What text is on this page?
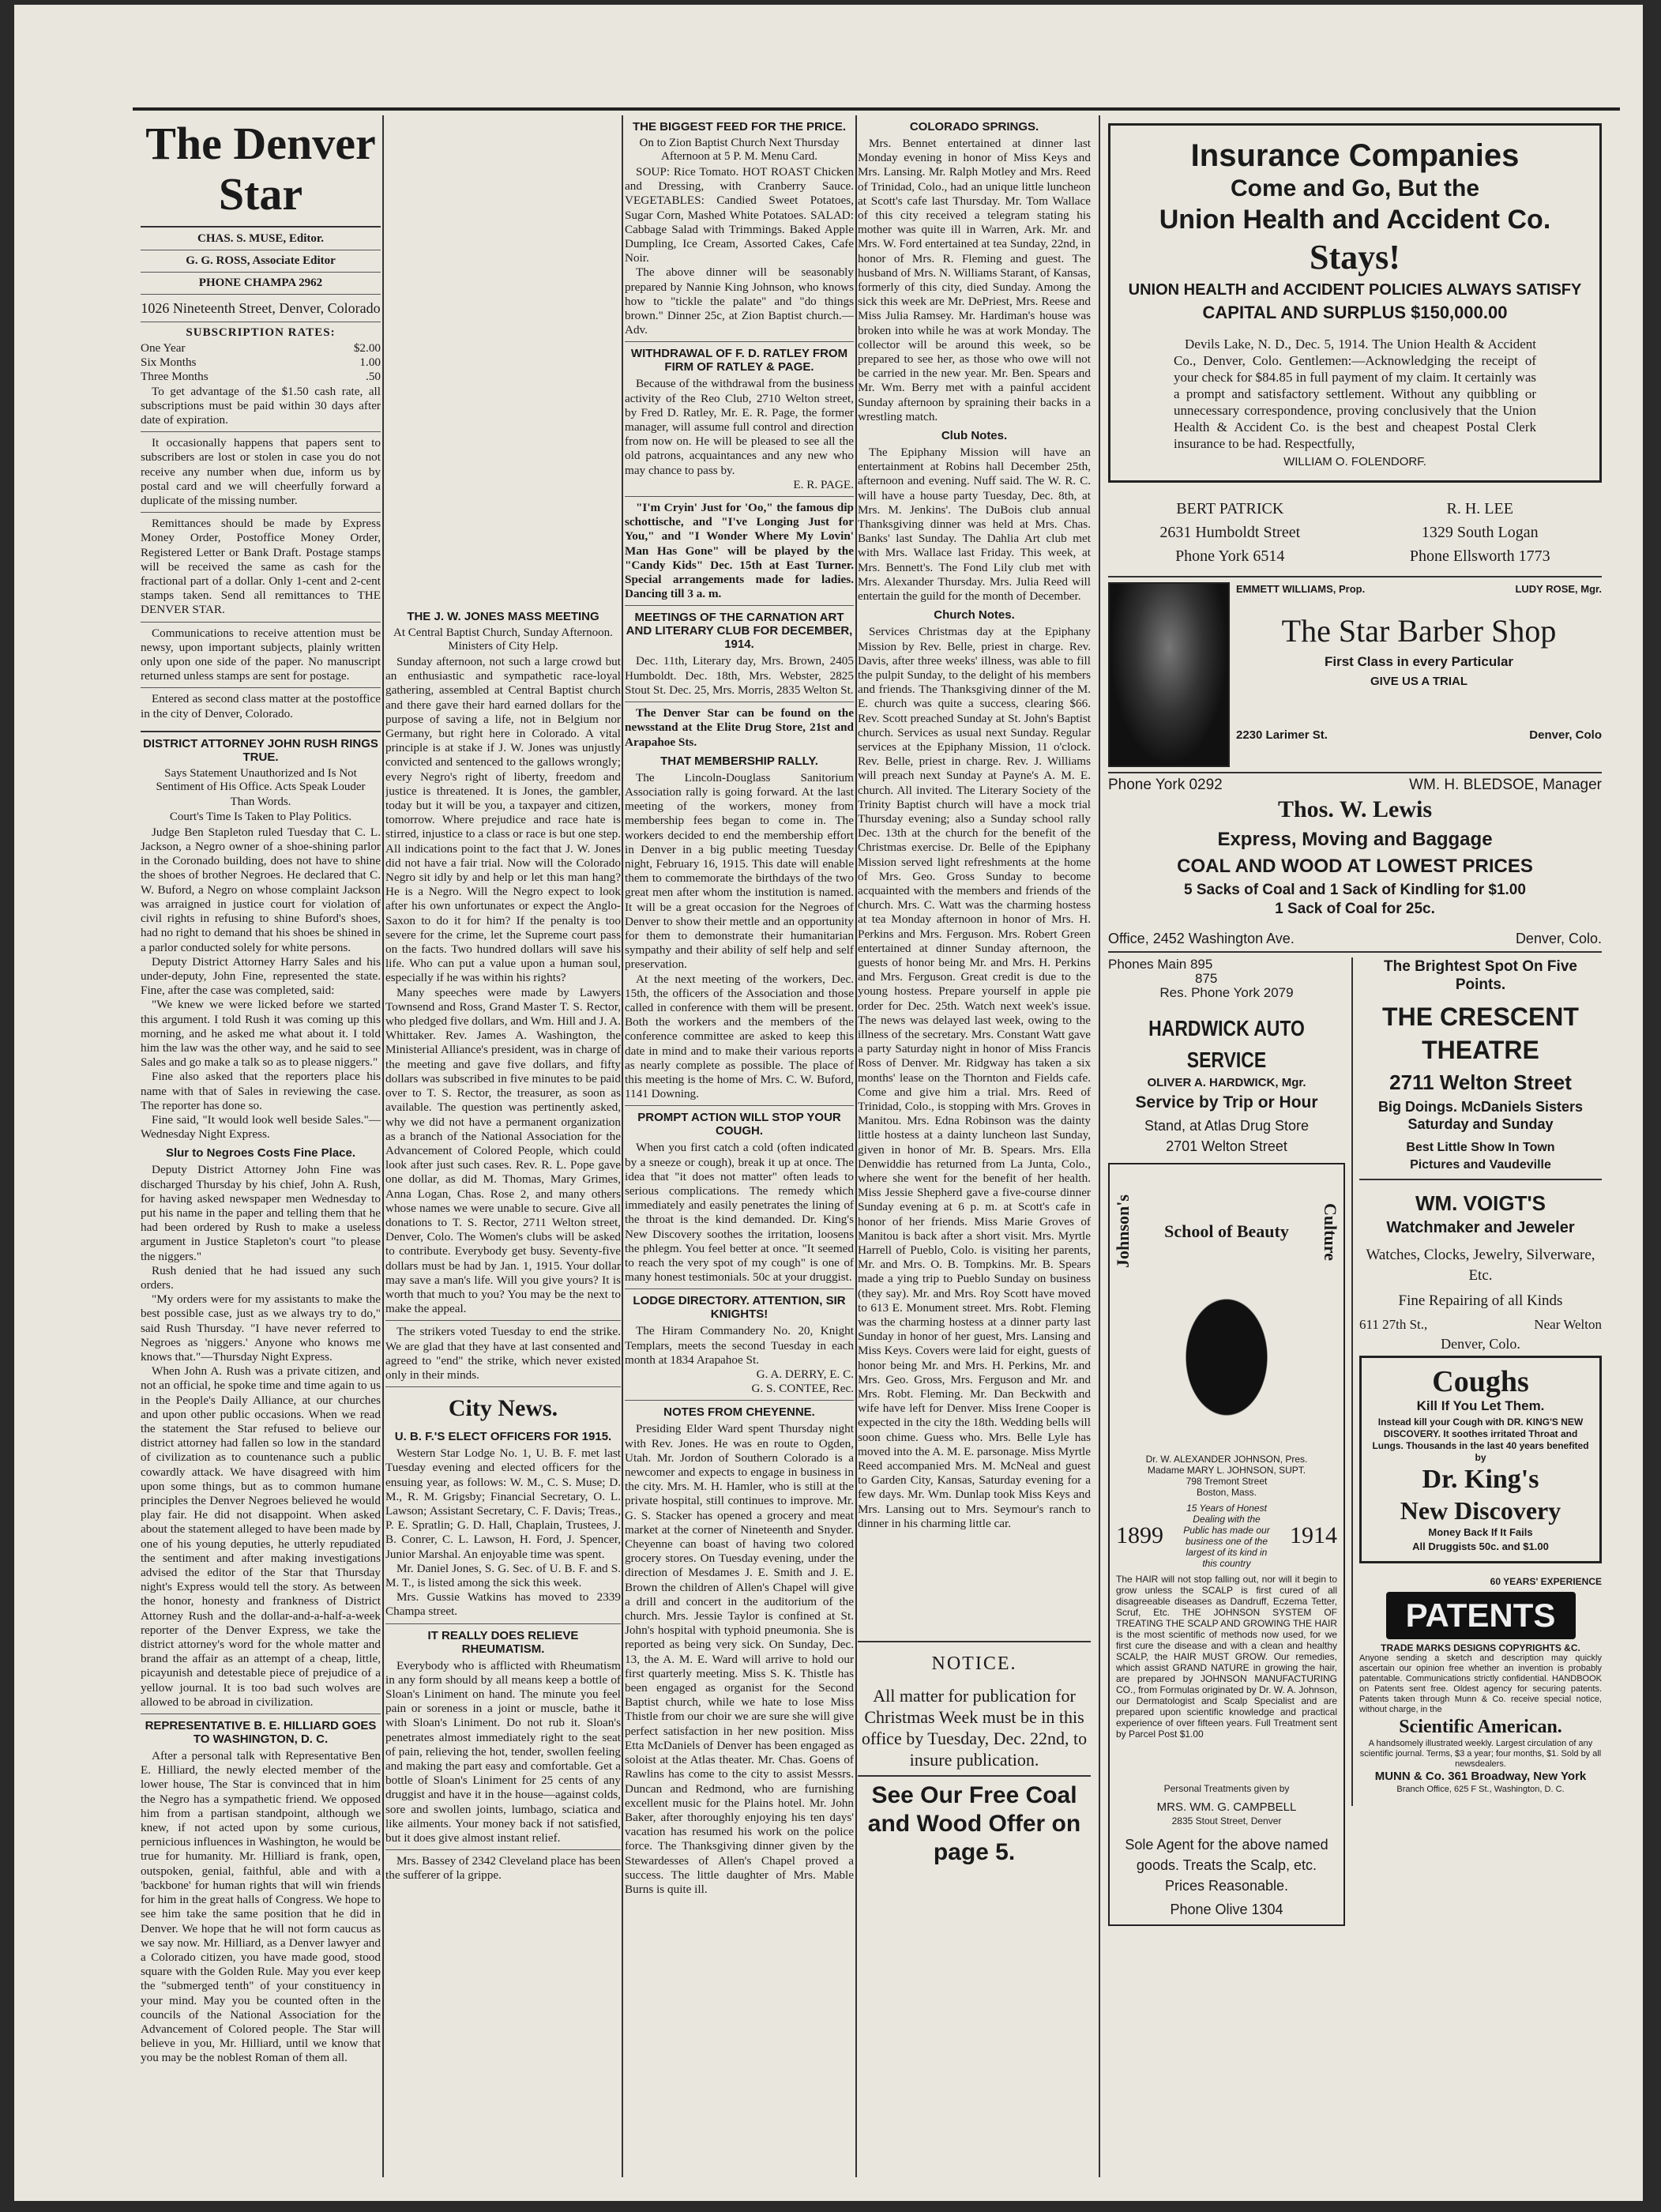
The Denver Star
CHAS. S. MUSE, Editor.
G. G. ROSS, Associate Editor
PHONE CHAMPA 2962
1026 Nineteenth Street, Denver, Colorado
SUBSCRIPTION RATES:
One Year	$2.00
Six Months	1.00
Three Months	.50

To get advantage of the $1.50 cash rate, all subscriptions must be paid within 30 days after date of expiration.

It occasionally happens that papers sent to subscribers are lost or stolen in case you do not receive any number when due, inform us by postal card and we will cheerfully forward a duplicate of the missing number.

Remittances should be made by Express Money Order, Postoffice Money Order, Registered Letter or Bank Draft. Postage stamps will be received the same as cash for the fractional part of a dollar. Only 1-cent and 2-cent stamps taken. Send all remittances to THE DENVER STAR.

Communications to receive attention must be newsy, upon important subjects, plainly written only upon one side of the paper. No manuscript returned unless stamps are sent for postage.

Entered as second class matter at the postoffice in the city of Denver, Colorado.

DISTRICT ATTORNEY JOHN RUSH RINGS TRUE.
Says Statement Unauthorized and Is Not Sentiment of His Office. Acts Speak Louder
Than Words.
Court's Time Is Taken to Play Politics.

Judge Ben Stapleton ruled Tuesday that C. L. Jackson, a Negro owner of a shoe-shining parlor in the Coronado building, does not have to shine the shoes of brother Negroes. He declared that C. W. Buford, a Negro on whose complaint Jackson was arraigned in justice court for violation of civil rights in refusing to shine Buford's shoes, had no right to demand that his shoes be shined in a parlor conducted solely for white persons.

Deputy District Attorney Harry Sales and his under-deputy, John Fine, represented the state. Fine, after the case was completed, said:

"We knew we were licked before we started this argument. I told Rush it was coming up this morning, and he asked me what about it. I told him the law was the other way, and he said to see Sales and go make a talk so as to please niggers."

Fine also asked that the reporters place his name with that of Sales in reviewing the case. The reporter has done so.

Fine said, "It would look well beside Sales."—Wednesday Night Express.

Slur to Negroes Costs Fine Place.

Deputy District Attorney John Fine was discharged Thursday by his chief, John A. Rush, for having asked newspaper men Wednesday to put his name in the paper and telling them that he had been ordered by Rush to make a useless argument in Justice Stapleton's court "to please the niggers."

Rush denied that he had issued any such orders.

"My orders were for my assistants to make the best possible case, just as we always try to do," said Rush Thursday. "I have never referred to Negroes as 'niggers.' Anyone who knows me knows that."—Thursday Night Express.

When John A. Rush was a private citizen, and not an official, he spoke time and time again to us in the People's Daily Alliance, at our churches and upon other public occasions. When we read the statement the Star refused to believe our district attorney had fallen so low in the standard of civilization as to countenance such a public cowardly attack. We have disagreed with him upon some things, but as to common humane principles the Denver Negroes believed he would play fair. He did not disappoint. When asked about the statement alleged to have been made by one of his young deputies, he utterly repudiated the sentiment and after making investigations advised the editor of the Star that Thursday night's Express would tell the story. As between the honor, honesty and frankness of District Attorney Rush and the dollar-and-a-half-a-week reporter of the Denver Express, we take the district attorney's word for the whole matter and brand the affair as an attempt of a cheap, little, picayunish and detestable piece of prejudice of a yellow journal. It is too bad such wolves are allowed to be abroad in civilization.

REPRESENTATIVE B. E. HILLIARD GOES TO WASHINGTON, D. C.

After a personal talk with Representative Ben E. Hilliard, the newly elected member of the lower house, The Star is convinced that in him the Negro has a sympathetic friend. We opposed him from a partisan standpoint, although we knew, if not acted upon by some curious, pernicious influences in Washington, he would be true for humanity. Mr. Hilliard is frank, open, outspoken, genial, faithful, able and with a 'backbone' for human rights that will win friends for him in the great halls of Congress. We hope to see him take the same position that he did in Denver. We hope that he will not form caucus as we say now. Mr. Hilliard, as a Denver lawyer and a Colorado citizen, you have made good, stood square with the Golden Rule. May you ever keep the "submerged tenth" of your constituency in your mind. May you be counted often in the councils of the National Association for the Advancement of Colored people. The Star will believe in you, Mr. Hilliard, until we know that you may be the noblest Roman of them all.

THE J. W. JONES MASS MEETING
At Central Baptist Church, Sunday Afternoon. Ministers of City Help.

Sunday afternoon, not such a large crowd but an enthusiastic and sympathetic race-loyal gathering, assembled at Central Baptist church and there gave their hard earned dollars for the purpose of saving a life, not in Belgium nor Germany, but right here in Colorado. A vital principle is at stake if J. W. Jones was unjustly convicted and sentenced to the gallows wrongly; every Negro's right of liberty, freedom and justice is threatened. It is Jones, the gambler, today but it will be you, a taxpayer and citizen, tomorrow. Where prejudice and race hate is stirred, injustice to a class or race is but one step. All indications point to the fact that J. W. Jones did not have a fair trial. Now will the Colorado Negro sit idly by and help or let this man hang? He is a Negro. Will the Negro expect to look after his own unfortunates or expect the Anglo-Saxon to do it for him? If the penalty is too severe for the crime, let the Supreme court pass on the facts. Two hundred dollars will save his life. Who can put a value upon a human soul, especially if he was within his rights?

Many speeches were made by Lawyers Townsend and Ross, Grand Master T. S. Rector, who pledged five dollars, and Wm. Hill and J. A. Whittaker. Rev. James A. Washington, the Ministerial Alliance's president, was in charge of the meeting and gave five dollars, and fifty dollars was subscribed in five minutes to be paid over to T. S. Rector, the treasurer, as soon as available. The question was pertinently asked, why we did not have a permanent organization as a branch of the National Association for the Advancement of Colored People, which could look after just such cases. Rev. R. L. Pope gave one dollar, as did M. Thomas, Mary Grimes, Anna Logan, Chas. Rose 2, and many others whose names we were unable to secure. Give all donations to T. S. Rector, 2711 Welton street, Denver, Colo. The Women's clubs will be asked to contribute. Everybody get busy. Seventy-five dollars must be had by Jan. 1, 1915. Your dollar may save a man's life. Will you give yours? It is worth that much to you? You may be the next to make the appeal.

The strikers voted Tuesday to end the strike. We are glad that they have at last consented and agreed to "end" the strike, which never existed only in their minds.

City News.
U. B. F.'S ELECT OFFICERS FOR 1915.

Western Star Lodge No. 1, U. B. F. met last Tuesday evening and elected officers for the ensuing year, as follows: W. M., C. S. Muse; D. M., R. M. Grigsby; Financial Secretary, O. L. Lawson; Assistant Secretary, C. F. Davis; Treas., P. E. Spratlin; G. D. Hall, Chaplain, Trustees, J. B. Conrer, C. L. Lawson, H. Ford, J. Spencer, Junior Marshal. An enjoyable time was spent.

Mr. Daniel Jones, S. G. Sec. of U. B. F. and S. M. T., is listed among the sick this week.

Mrs. Gussie Watkins has moved to 2339 Champa street.

IT REALLY DOES RELIEVE RHEUMATISM.

Everybody who is afflicted with Rheumatism in any form should by all means keep a bottle of Sloan's Liniment on hand. The minute you feel pain or soreness in a joint or muscle, bathe it with Sloan's Liniment. Do not rub it. Sloan's penetrates almost immediately right to the seat of pain, relieving the hot, tender, swollen feeling and making the part easy and comfortable. Get a bottle of Sloan's Liniment for 25 cents of any druggist and have it in the house—against colds, sore and swollen joints, lumbago, sciatica and like ailments. Your money back if not satisfied, but it does give almost instant relief.

Mrs. Bassey of 2342 Cleveland place has been the sufferer of la grippe.

THE BIGGEST FEED FOR THE PRICE.
On to Zion Baptist Church Next Thursday Afternoon at 5 P. M. Menu Card.

SOUP: Rice Tomato. HOT ROAST Chicken and Dressing, with Cranberry Sauce. VEGETABLES: Candied Sweet Potatoes, Sugar Corn, Mashed White Potatoes. SALAD: Cabbage Salad with Trimmings. Baked Apple Dumpling, Ice Cream, Assorted Cakes, Cafe Noir.

The above dinner will be seasonably prepared by Nannie King Johnson, who knows how to "tickle the palate" and "do things brown." Dinner 25c, at Zion Baptist church.—Adv.

WITHDRAWAL OF F. D. RATLEY FROM FIRM OF RATLEY & PAGE.

Because of the withdrawal from the business activity of the Reo Club, 2710 Welton street, by Fred D. Ratley, Mr. E. R. Page, the former manager, will assume full control and direction from now on. He will be pleased to see all the old patrons, acquaintances and any new who may chance to pass by.

E. R. PAGE.

"I'm Cryin' Just for 'Oo," the famous dip schottische, and "I've Longing Just for You," and "I Wonder Where My Lovin' Man Has Gone" will be played by the "Candy Kids" Dec. 15th at East Turner. Special arrangements made for ladies. Dancing till 3 a. m.

MEETINGS OF THE CARNATION ART AND LITERARY CLUB FOR DECEMBER, 1914.

Dec. 11th, Literary day, Mrs. Brown, 2405 Humboldt. Dec. 18th, Mrs. Webster, 2825 Stout St. Dec. 25, Mrs. Morris, 2835 Welton St.

The Denver Star can be found on the newsstand at the Elite Drug Store, 21st and Arapahoe Sts.

THAT MEMBERSHIP RALLY.

The Lincoln-Douglass Sanitorium Association rally is going forward. At the last meeting of the workers, money from membership fees began to come in. The workers decided to end the membership effort in Denver in a big public meeting Tuesday night, February 16, 1915. This date will enable them to commemorate the birthdays of the two great men after whom the institution is named. It will be a great occasion for the Negroes of Denver to show their mettle and an opportunity for them to demonstrate their humanitarian sympathy and their ability of self help and self preservation.

At the next meeting of the workers, Dec. 15th, the officers of the Association and those called in conference with them will be present. Both the workers and the members of the conference committee are asked to keep this date in mind and to make their various reports as nearly complete as possible. The place of this meeting is the home of Mrs. C. W. Buford, 1141 Downing.

PROMPT ACTION WILL STOP YOUR COUGH.

When you first catch a cold (often indicated by a sneeze or cough), break it up at once. The idea that "it does not matter" often leads to serious complications. The remedy which immediately and easily penetrates the lining of the throat is the kind demanded. Dr. King's New Discovery soothes the irritation, loosens the phlegm. You feel better at once. "It seemed to reach the very spot of my cough" is one of many honest testimonials. 50c at your druggist.

LODGE DIRECTORY. ATTENTION, SIR KNIGHTS!

The Hiram Commandery No. 20, Knight Templars, meets the second Tuesday in each month at 1834 Arapahoe St.

G. A. DERRY, E. C.
G. S. CONTEE, Rec.
NOTES FROM CHEYENNE.

Presiding Elder Ward spent Thursday night with Rev. Jones. He was en route to Ogden, Utah. Mr. Jordon of Southern Colorado is a newcomer and expects to engage in business in the city. Mrs. M. H. Hamler, who is still at the private hospital, still continues to improve. Mr. G. S. Stacker has opened a grocery and meat market at the corner of Nineteenth and Snyder. Cheyenne can boast of having two colored grocery stores. On Tuesday evening, under the direction of Mesdames J. E. Smith and J. E. Brown the children of Allen's Chapel will give a drill and concert in the auditorium of the church. Mrs. Jessie Taylor is confined at St. John's hospital with typhoid pneumonia. She is reported as being very sick. On Sunday, Dec. 13, the A. M. E. Ward will arrive to hold our first quarterly meeting. Miss S. K. Thistle has been engaged as organist for the Second Baptist church, while we hate to lose Miss Thistle from our choir we are sure she will give perfect satisfaction in her new position. Miss Etta McDaniels of Denver has been engaged as soloist at the Atlas theater. Mr. Chas. Goens of Rawlins has come to the city to assist Messrs. Duncan and Redmond, who are furnishing excellent music for the Plains hotel. Mr. John Baker, after thoroughly enjoying his ten days' vacation has resumed his work on the police force. The Thanksgiving dinner given by the Stewardesses of Allen's Chapel proved a success. The little daughter of Mrs. Mable Burns is quite ill.

COLORADO SPRINGS.

Mrs. Bennet entertained at dinner last Monday evening in honor of Miss Keys and Mrs. Lansing. Mr. Ralph Motley and Mrs. Reed of Trinidad, Colo., had an unique little luncheon at Scott's cafe last Thursday. Mr. Tom Wallace of this city received a telegram stating his mother was quite ill in Warren, Ark. Mr. and Mrs. W. Ford entertained at tea Sunday, 22nd, in honor of Mrs. R. Fleming and guest. The husband of Mrs. N. Williams Starant, of Kansas, formerly of this city, died Sunday. Among the sick this week are Mr. DePriest, Mrs. Reese and Miss Julia Ramsey. Mr. Hardiman's house was broken into while he was at work Monday. The collector will be around this week, so be prepared to see her, as those who owe will not be carried in the new year. Mr. Ben. Spears and Mr. Wm. Berry met with a painful accident Sunday afternoon by spraining their backs in a wrestling match.

Club Notes.

The Epiphany Mission will have an entertainment at Robins hall December 25th, afternoon and evening. Nuff said. The W. R. C. will have a house party Tuesday, Dec. 8th, at Mrs. M. Jenkins'. The DuBois club annual Thanksgiving dinner was held at Mrs. Chas. Banks' last Sunday. The Dahlia Art club met with Mrs. Wallace last Friday. This week, at Mrs. Bennett's. The Fond Lily club met with Mrs. Alexander Thursday. Mrs. Julia Reed will entertain the guild for the month of December.

Church Notes.

Services Christmas day at the Epiphany Mission by Rev. Belle, priest in charge. Rev. Davis, after three weeks' illness, was able to fill the pulpit Sunday, to the delight of his members and friends. The Thanksgiving dinner of the M. E. church was quite a success, clearing $66. Rev. Scott preached Sunday at St. John's Baptist church. Services as usual next Sunday. Regular services at the Epiphany Mission, 11 o'clock. Rev. Belle, priest in charge. Rev. J. Williams will preach next Sunday at Payne's A. M. E. church. All invited. The Literary Society of the Trinity Baptist church will have a mock trial Thursday evening; also a Sunday school rally Dec. 13th at the church for the benefit of the Christmas exercise. Dr. Belle of the Epiphany Mission served light refreshments at the home of Mrs. Geo. Gross Sunday to become acquainted with the members and friends of the church. Mrs. C. Watt was the charming hostess at tea Monday afternoon in honor of Mrs. H. Perkins and Mrs. Ferguson. Mrs. Robert Green entertained at dinner Sunday afternoon, the guests of honor being Mr. and Mrs. H. Perkins and Mrs. Ferguson. Great credit is due to the young hostess. Prepare yourself in apple pie order for Dec. 25th. Watch next week's issue. The news was delayed last week, owing to the illness of the secretary. Mrs. Constant Watt gave a party Saturday night in honor of Miss Francis Ross of Denver. Mr. Ridgway has taken a six months' lease on the Thornton and Fields cafe. Come and give him a trial. Mrs. Reed of Trinidad, Colo., is stopping with Mrs. Groves in Manitou. Mrs. Edna Robinson was the dainty little hostess at a dainty luncheon last Sunday, given in honor of Mr. B. Spears. Mrs. Ella Denwiddie has returned from La Junta, Colo., where she went for the benefit of her health. Miss Jessie Shepherd gave a five-course dinner Sunday evening at 6 p. m. at Scott's cafe in honor of her friends. Miss Marie Groves of Manitou is back after a short visit. Mrs. Myrtle Harrell of Pueblo, Colo. is visiting her parents, Mr. and Mrs. O. B. Tompkins. Mr. B. Spears made a ying trip to Pueblo Sunday on business (they say). Mr. and Mrs. Roy Scott have moved to 613 E. Monument street. Mrs. Robt. Fleming was the charming hostess at a dinner party last Sunday in honor of her guest, Mrs. Lansing and Miss Keys. Covers were laid for eight, guests of honor being Mr. and Mrs. H. Perkins, Mr. and Mrs. Geo. Gross, Mrs. Ferguson and Mr. and Mrs. Robt. Fleming. Mr. Dan Beckwith and wife have left for Denver. Miss Irene Cooper is expected in the city the 18th. Wedding bells will soon chime. Guess who. Mrs. Belle Lyle has moved into the A. M. E. parsonage. Miss Myrtle Reed accompanied Mrs. M. McNeal and guest to Garden City, Kansas, Saturday evening for a few days. Mr. Wm. Dunlap took Miss Keys and Mrs. Lansing out to Mrs. Seymour's ranch to dinner in his charming little car.

NOTICE.
All matter for publication for Christmas Week must be in this office by Tuesday, Dec. 22nd, to insure publication.
See Our Free Coal and Wood Offer on page 5.
Insurance Companies
Come and Go, But the
Union Health and Accident Co.
Stays!
UNION HEALTH and ACCIDENT POLICIES ALWAYS SATISFY
CAPITAL AND SURPLUS $150,000.00

Devils Lake, N. D., Dec. 5, 1914. The Union Health & Accident Co., Denver, Colo. Gentlemen:—Acknowledging the receipt of your check for $84.85 in full payment of my claim. It certainly was a prompt and satisfactory settlement. Without any quibbling or unnecessary correspondence, proving conclusively that the Union Health & Accident Co. is the best and cheapest Postal Clerk insurance to be had. Respectfully,

WILLIAM O. FOLENDORF.
BERT PATRICK
2631 Humboldt Street
Phone York 6514
R. H. LEE
1329 South Logan
Phone Ellsworth 1773
EMMETT WILLIAMS, Prop.	LUDY ROSE, Mgr.
The Star Barber Shop
First Class in every Particular
GIVE US A TRIAL
2230 Larimer St.	Denver, Colo
Phone York 0292	WM. H. BLEDSOE, Manager
Thos. W. Lewis
Express, Moving and Baggage
COAL AND WOOD AT LOWEST PRICES
5 Sacks of Coal and 1 Sack of Kindling for $1.00
1 Sack of Coal for 25c.
Office, 2452 Washington Ave.	Denver, Colo.
Phones Main 895
875
Res. Phone York 2079
HARDWICK AUTO SERVICE
OLIVER A. HARDWICK, Mgr.
Service by Trip or Hour
Stand, at Atlas Drug Store
2701 Welton Street
Johnson's School of Beauty Culture
Dr. W. ALEXANDER JOHNSON, Pres.
Madame MARY L. JOHNSON, SUPT.
798 Tremont Street
Boston, Mass.
1899
15 Years of Honest Dealing with the Public has made our business one of the largest of its kind in this country
1914
The HAIR will not stop falling out, nor will it begin to grow unless the SCALP is first cured of all disagreeable diseases as Dandruff, Eczema Tetter, Scruf, Etc. THE JOHNSON SYSTEM OF TREATING THE SCALP AND GROWING THE HAIR is the most scientific of methods now used, for we first cure the disease and with a clean and healthy SCALP, the HAIR MUST GROW. Our remedies, which assist GRAND NATURE in growing the hair, are prepared by JOHNSON MANUFACTURING CO., from Formulas originated by Dr. W. A. Johnson, our Dermatologist and Scalp Specialist and are prepared upon scientific knowledge and practical experience of over fifteen years. Full Treatment sent by Parcel Post $1.00
Personal Treatments given by
MRS. WM. G. CAMPBELL
2835 Stout Street, Denver
Sole Agent for the above named goods. Treats the Scalp, etc. Prices Reasonable.
Phone Olive 1304
The Brightest Spot On Five Points.
THE CRESCENT THEATRE
2711 Welton Street
Big Doings. McDaniels Sisters Saturday and Sunday
Best Little Show In Town
Pictures and Vaudeville
WM. VOIGT'S
Watchmaker and Jeweler
Watches, Clocks, Jewelry, Silverware, Etc.
Fine Repairing of all Kinds
611 27th St.,	Near Welton
Denver, Colo.
Coughs
Kill If You Let Them.
Instead kill your Cough with DR. KING'S NEW DISCOVERY. It soothes irritated Throat and Lungs. Thousands in the last 40 years benefited by
Dr. King's
New Discovery
Money Back If It Fails
All Druggists 50c. and $1.00
60 YEARS' EXPERIENCE
PATENTS
TRADE MARKS DESIGNS COPYRIGHTS &C.
Anyone sending a sketch and description may quickly ascertain our opinion free whether an invention is probably patentable. Communications strictly confidential. HANDBOOK on Patents sent free. Oldest agency for securing patents. Patents taken through Munn & Co. receive special notice, without charge, in the
Scientific American.
A handsomely illustrated weekly. Largest circulation of any scientific journal. Terms, $3 a year; four months, $1. Sold by all newsdealers.
MUNN & Co. 361 Broadway, New York
Branch Office, 625 F St., Washington, D. C.
